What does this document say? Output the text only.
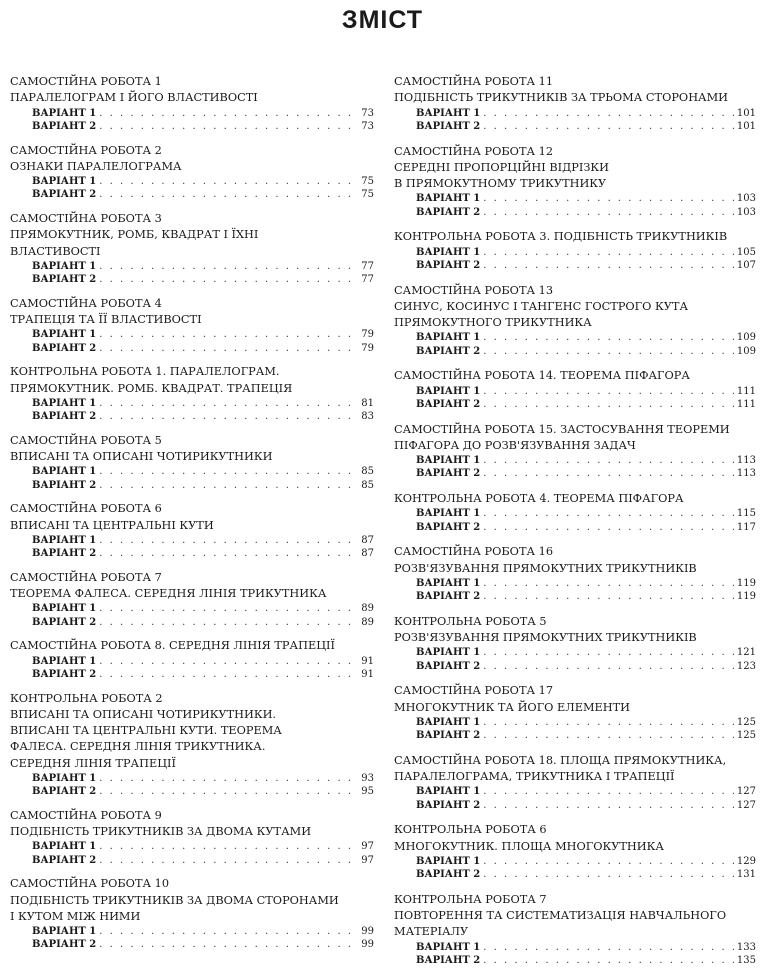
ЗМІСТ
САМОСТІЙНА РОБОТА 1
ПАРАЛЕЛОГРАМ І ЙОГО ВЛАСТИВОСТІ
ВАРІАНТ 1 . . .	73
ВАРІАНТ 2 . . .	73
САМОСТІЙНА РОБОТА 2
ОЗНАКИ ПАРАЛЕЛОГРАМА
ВАРІАНТ 1 . . .	75
ВАРІАНТ 2 . . .	75
САМОСТІЙНА РОБОТА 3
ПРЯМОКУТНИК, РОМБ, КВАДРАТ І ЇХНІ
ВЛАСТИВОСТІ
ВАРІАНТ 1 . . .	77
ВАРІАНТ 2 . . .	77
САМОСТІЙНА РОБОТА 4
ТРАПЕЦІЯ ТА ЇЇ ВЛАСТИВОСТІ
ВАРІАНТ 1 . . .	79
ВАРІАНТ 2 . . .	79
КОНТРОЛЬНА РОБОТА 1. ПАРАЛЕЛОГРАМ.
ПРЯМОКУТНИК. РОМБ. КВАДРАТ. ТРАПЕЦІЯ
ВАРІАНТ 1 . . .	81
ВАРІАНТ 2 . . .	83
САМОСТІЙНА РОБОТА 5
ВПИСАНІ ТА ОПИСАНІ ЧОТИРИКУТНИКИ
ВАРІАНТ 1 . . .	85
ВАРІАНТ 2 . . .	85
САМОСТІЙНА РОБОТА 6
ВПИСАНІ ТА ЦЕНТРАЛЬНІ КУТИ
ВАРІАНТ 1 . . .	87
ВАРІАНТ 2 . . .	87
САМОСТІЙНА РОБОТА 7
ТЕОРЕМА ФАЛЕСА. СЕРЕДНЯ ЛІНІЯ ТРИКУТНИКА
ВАРІАНТ 1 . . .	89
ВАРІАНТ 2 . . .	89
САМОСТІЙНА РОБОТА 8. СЕРЕДНЯ ЛІНІЯ ТРАПЕЦІЇ
ВАРІАНТ 1 . . .	91
ВАРІАНТ 2 . . .	91
КОНТРОЛЬНА РОБОТА 2
ВПИСАНІ ТА ОПИСАНІ ЧОТИРИКУТНИКИ.
ВПИСАНІ ТА ЦЕНТРАЛЬНІ КУТИ. ТЕОРЕМА
ФАЛЕСА. СЕРЕДНЯ ЛІНІЯ ТРИКУТНИКА.
СЕРЕДНЯ ЛІНІЯ ТРАПЕЦІЇ
ВАРІАНТ 1 . . .	93
ВАРІАНТ 2 . . .	95
САМОСТІЙНА РОБОТА 9
ПОДІБНІСТЬ ТРИКУТНИКІВ ЗА ДВОМА КУТАМИ
ВАРІАНТ 1 . . .	97
ВАРІАНТ 2 . . .	97
САМОСТІЙНА РОБОТА 10
ПОДІБНІСТЬ ТРИКУТНИКІВ ЗА ДВОМА СТОРОНАМИ
І КУТОМ МІЖ НИМИ
ВАРІАНТ 1 . . .	99
ВАРІАНТ 2 . . .	99
САМОСТІЙНА РОБОТА 11
ПОДІБНІСТЬ ТРИКУТНИКІВ ЗА ТРЬОМА СТОРОНАМИ
ВАРІАНТ 1 . . .	101
ВАРІАНТ 2 . . .	101
САМОСТІЙНА РОБОТА 12
СЕРЕДНІ ПРОПОРЦІЙНІ ВІДРІЗКИ
В ПРЯМОКУТНОМУ ТРИКУТНИКУ
ВАРІАНТ 1 . . .	103
ВАРІАНТ 2 . . .	103
КОНТРОЛЬНА РОБОТА 3. ПОДІБНІСТЬ ТРИКУТНИКІВ
ВАРІАНТ 1 . . .	105
ВАРІАНТ 2 . . .	107
САМОСТІЙНА РОБОТА 13
СИНУС, КОСИНУС І ТАНГЕНС ГОСТРОГО КУТА
ПРЯМОКУТНОГО ТРИКУТНИКА
ВАРІАНТ 1 . . .	109
ВАРІАНТ 2 . . .	109
САМОСТІЙНА РОБОТА 14. ТЕОРЕМА ПІФАГОРА
ВАРІАНТ 1 . . .	111
ВАРІАНТ 2 . . .	111
САМОСТІЙНА РОБОТА 15. ЗАСТОСУВАННЯ ТЕОРЕМИ
ПІФАГОРА ДО РОЗВ'ЯЗУВАННЯ ЗАДАЧ
ВАРІАНТ 1 . . .	113
ВАРІАНТ 2 . . .	113
КОНТРОЛЬНА РОБОТА 4. ТЕОРЕМА ПІФАГОРА
ВАРІАНТ 1 . . .	115
ВАРІАНТ 2 . . .	117
САМОСТІЙНА РОБОТА 16
РОЗВ'ЯЗУВАННЯ ПРЯМОКУТНИХ ТРИКУТНИКІВ
ВАРІАНТ 1 . . .	119
ВАРІАНТ 2 . . .	119
КОНТРОЛЬНА РОБОТА 5
РОЗВ'ЯЗУВАННЯ ПРЯМОКУТНИХ ТРИКУТНИКІВ
ВАРІАНТ 1 . . .	121
ВАРІАНТ 2 . . .	123
САМОСТІЙНА РОБОТА 17
МНОГОКУТНИК ТА ЙОГО ЕЛЕМЕНТИ
ВАРІАНТ 1 . . .	125
ВАРІАНТ 2 . . .	125
САМОСТІЙНА РОБОТА 18. ПЛОЩА ПРЯМОКУТНИКА,
ПАРАЛЕЛОГРАМА, ТРИКУТНИКА І ТРАПЕЦІЇ
ВАРІАНТ 1 . . .	127
ВАРІАНТ 2 . . .	127
КОНТРОЛЬНА РОБОТА 6
МНОГОКУТНИК. ПЛОЩА МНОГОКУТНИКА
ВАРІАНТ 1 . . .	129
ВАРІАНТ 2 . . .	131
КОНТРОЛЬНА РОБОТА 7
ПОВТОРЕННЯ ТА СИСТЕМАТИЗАЦІЯ НАВЧАЛЬНОГО
МАТЕРІАЛУ
ВАРІАНТ 1 . . .	133
ВАРІАНТ 2 . . .	135
